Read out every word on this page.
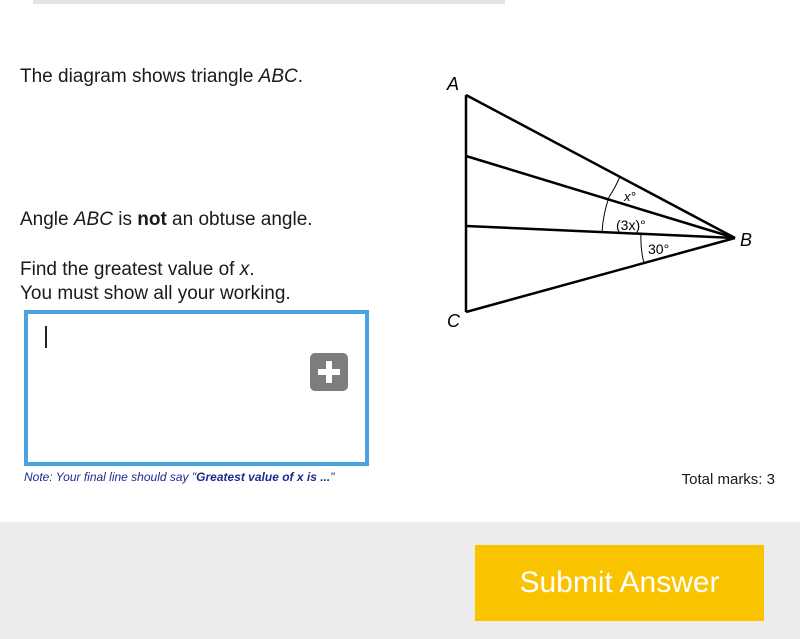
The diagram shows triangle ABC.
Angle ABC is not an obtuse angle.
Find the greatest value of x.
You must show all your working.
Note: Your final line should say "Greatest value of x is ..."	Total marks: 3
A
B
C
x°
(3x)°
30°
Submit Answer
